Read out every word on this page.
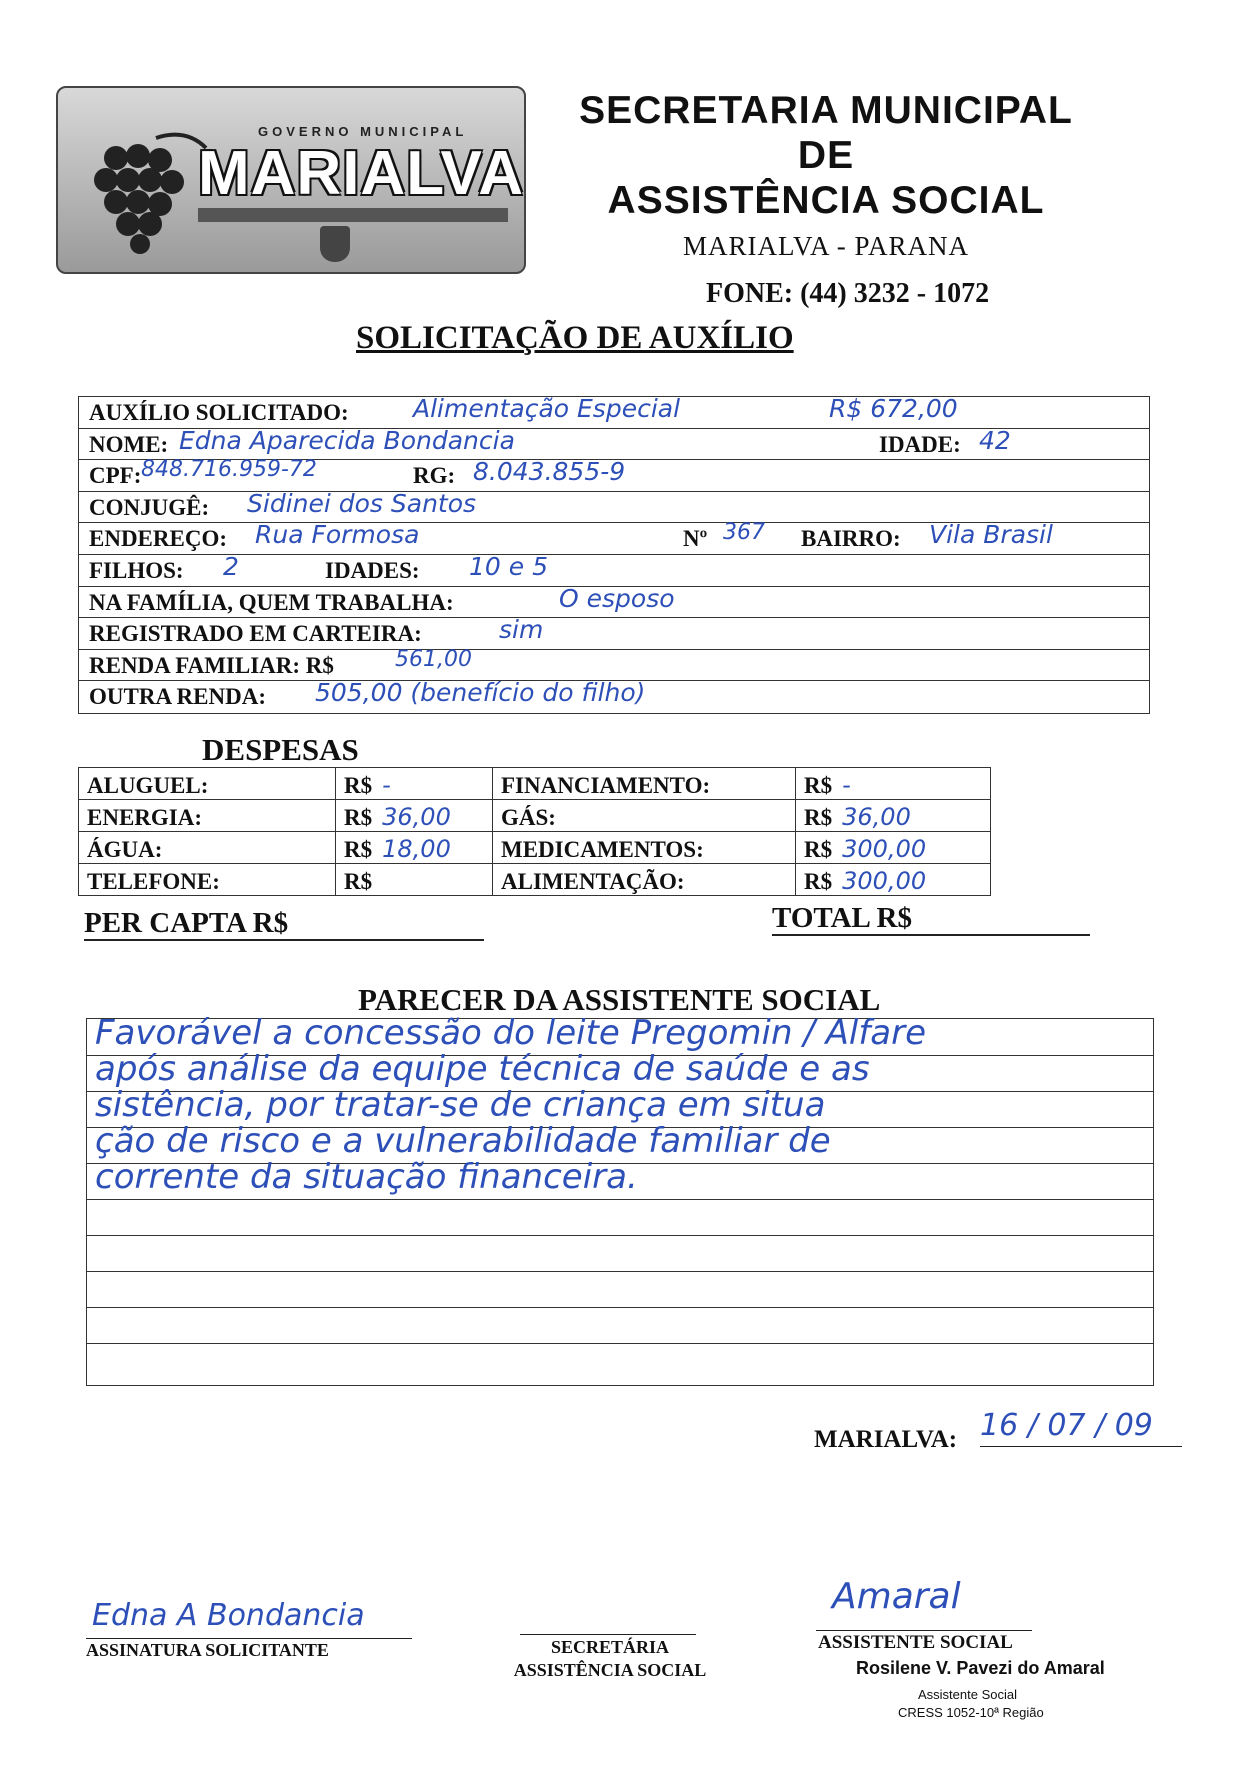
GOVERNO MUNICIPAL
MARIALVA
SECRETARIA MUNICIPAL
DE
ASSISTÊNCIA SOCIAL
MARIALVA - PARANA
FONE: (44) 3232 - 1072
SOLICITAÇÃO DE AUXÍLIO
AUXÍLIO SOLICITADO:	Alimentação Especial	R$ 672,00
NOME: Edna Aparecida Bondancia	IDADE: 42
CPF: 848.716.959-72	RG: 8.043.855-9
CONJUGÊ: Sidinei dos Santos
ENDEREÇO: Rua Formosa	Nº 367 BAIRRO: Vila Brasil
FILHOS: 2	IDADES: 10 e 5
NA FAMÍLIA, QUEM TRABALHA:	O esposo
REGISTRADO EM CARTEIRA:	sim
RENDA FAMILIAR: R$	561,00
OUTRA RENDA: 505,00 (benefício do filho)
DESPESAS
ALUGUEL:	R$ -	FINANCIAMENTO:	R$ -
ENERGIA:	R$ 36,00	GÁS:	R$ 36,00
ÁGUA:	R$ 18,00	MEDICAMENTOS:	R$ 300,00
TELEFONE:	R$	ALIMENTAÇÃO:	R$ 300,00
PER CAPTA R$	TOTAL R$
PARECER DA ASSISTENTE SOCIAL
Favorável a concessão do leite Pregomin / Alfare
após análise da equipe técnica de saúde e as
sistência, por tratar-se de criança em situa
ção de risco e a vulnerabilidade familiar de
corrente da situação financeira.
MARIALVA: 16 / 07 / 09
Edna A Bondancia
ASSINATURA SOLICITANTE	SECRETÁRIA
ASSISTÊNCIA SOCIAL
Amaral
ASSISTENTE SOCIAL
Rosilene V. Pavezi do Amaral
Assistente Social
CRESS 1052-10ª Região
